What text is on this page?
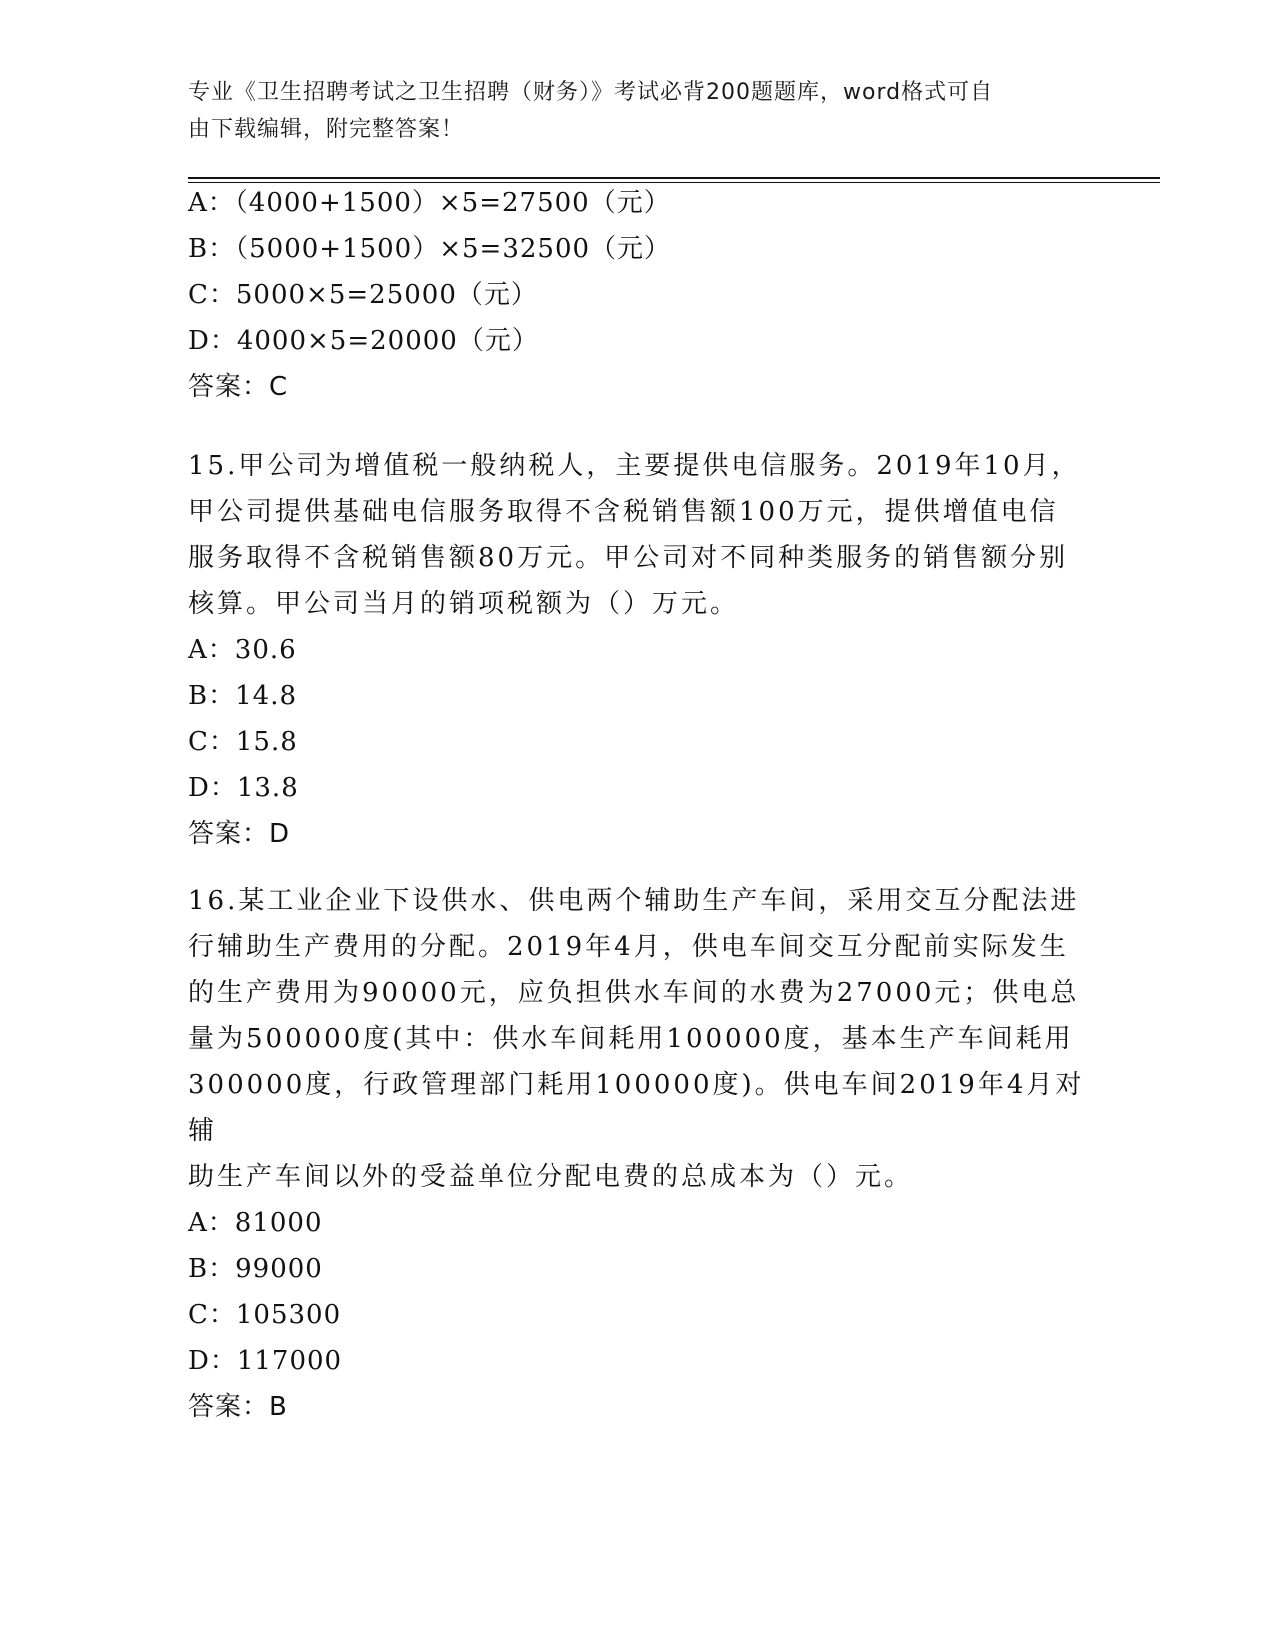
专业《卫生招聘考试之卫生招聘（财务）》考试必背200题题库，word格式可自
由下载编辑，附完整答案！
A：（4000+1500）×5=27500（元）
B：（5000+1500）×5=32500（元）
C：5000×5=25000（元）
D：4000×5=20000（元）
答案：C
15.甲公司为增值税一般纳税人，主要提供电信服务。2019年10月，
甲公司提供基础电信服务取得不含税销售额100万元，提供增值电信
服务取得不含税销售额80万元。甲公司对不同种类服务的销售额分别
核算。甲公司当月的销项税额为（）万元。
A：30.6
B：14.8
C：15.8
D：13.8
答案：D
16.某工业企业下设供水、供电两个辅助生产车间，采用交互分配法进
行辅助生产费用的分配。2019年4月，供电车间交互分配前实际发生
的生产费用为90000元，应负担供水车间的水费为27000元；供电总
量为500000度(其中：供水车间耗用100000度，基本生产车间耗用
300000度，行政管理部门耗用100000度)。供电车间2019年4月对辅
助生产车间以外的受益单位分配电费的总成本为（）元。
A：81000
B：99000
C：105300
D：117000
答案：B
